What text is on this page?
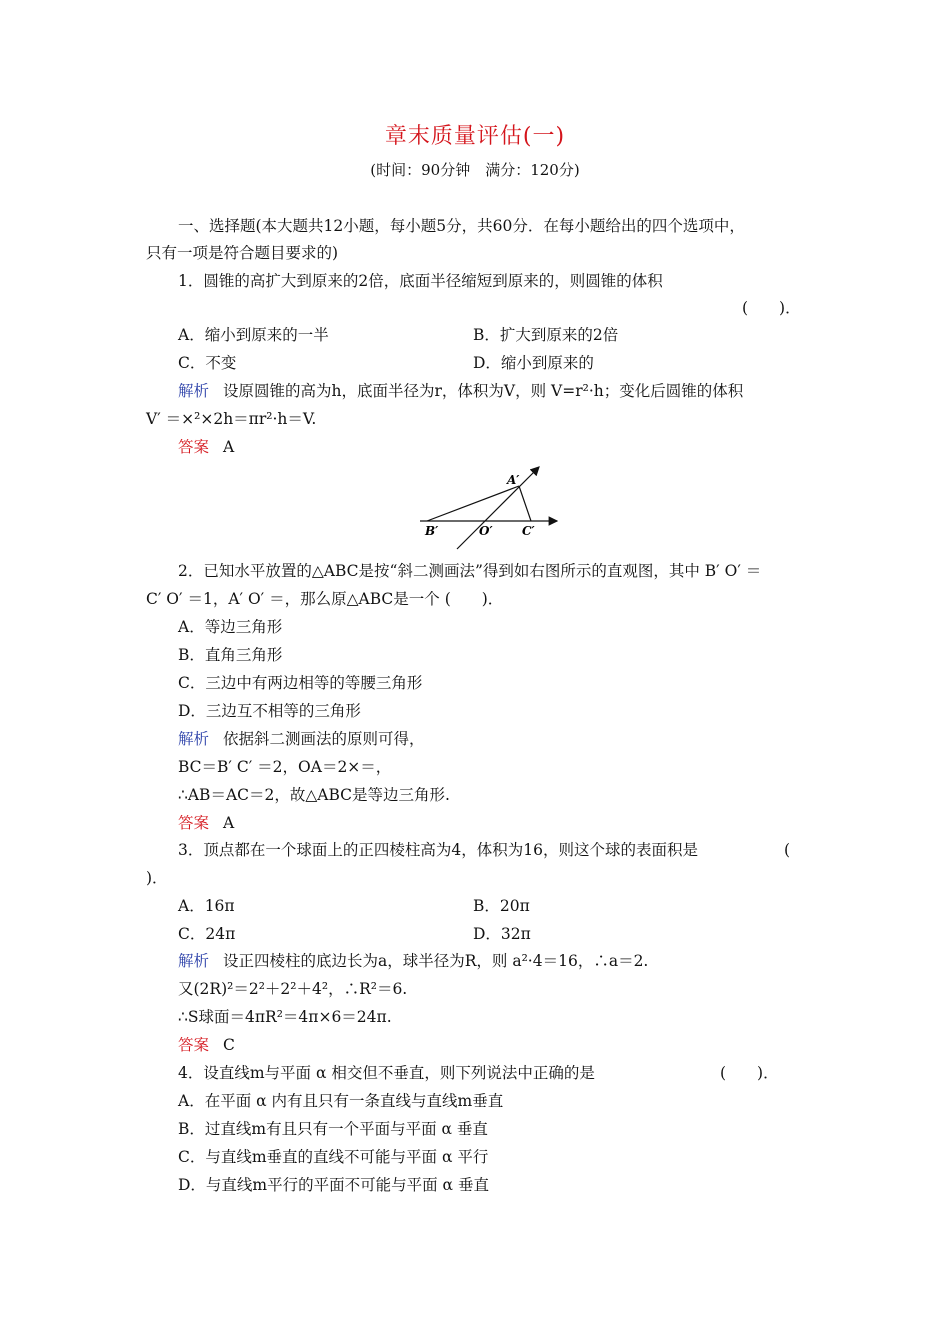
章末质量评估(一)
(时间：90分钟　满分：120分)
一、选择题(本大题共12小题，每小题5分，共60分．在每小题给出的四个选项中，
只有一项是符合题目要求的)
1．圆锥的高扩大到原来的2倍，底面半径缩短到原来的，则圆锥的体积
(　　)．
A．缩小到原来的一半	B．扩大到原来的2倍
C．不变	D．缩小到原来的
解析 设原圆锥的高为h，底面半径为r，体积为V，则 V=r²·h；变化后圆锥的体积
V′ ＝×²×2h＝πr²·h＝V.
答案 A
A′
B′	O′ C′
2．已知水平放置的△ABC是按“斜二测画法”得到如右图所示的直观图，其中 B′ O′ ＝
C′ O′ ＝1，A′ O′ ＝，那么原△ABC是一个 (　　)．
A．等边三角形
B．直角三角形
C．三边中有两边相等的等腰三角形
D．三边互不相等的三角形
解析 依据斜二测画法的原则可得，
BC＝B′ C′ ＝2，OA＝2×＝，
∴AB＝AC＝2，故△ABC是等边三角形.
答案 A
3．顶点都在一个球面上的正四棱柱高为4，体积为16，则这个球的表面积是	(
)．
A．16π	B．20π
C．24π	D．32π
解析 设正四棱柱的底边长为a，球半径为R，则 a²·4＝16，∴a＝2.
又(2R)²＝2²＋2²＋4²，∴R²＝6.
∴S球面＝4πR²＝4π×6＝24π.
答案 C
4．设直线m与平面 α 相交但不垂直，则下列说法中正确的是	(　　)．
A．在平面 α 内有且只有一条直线与直线m垂直
B．过直线m有且只有一个平面与平面 α 垂直
C．与直线m垂直的直线不可能与平面 α 平行
D．与直线m平行的平面不可能与平面 α 垂直
